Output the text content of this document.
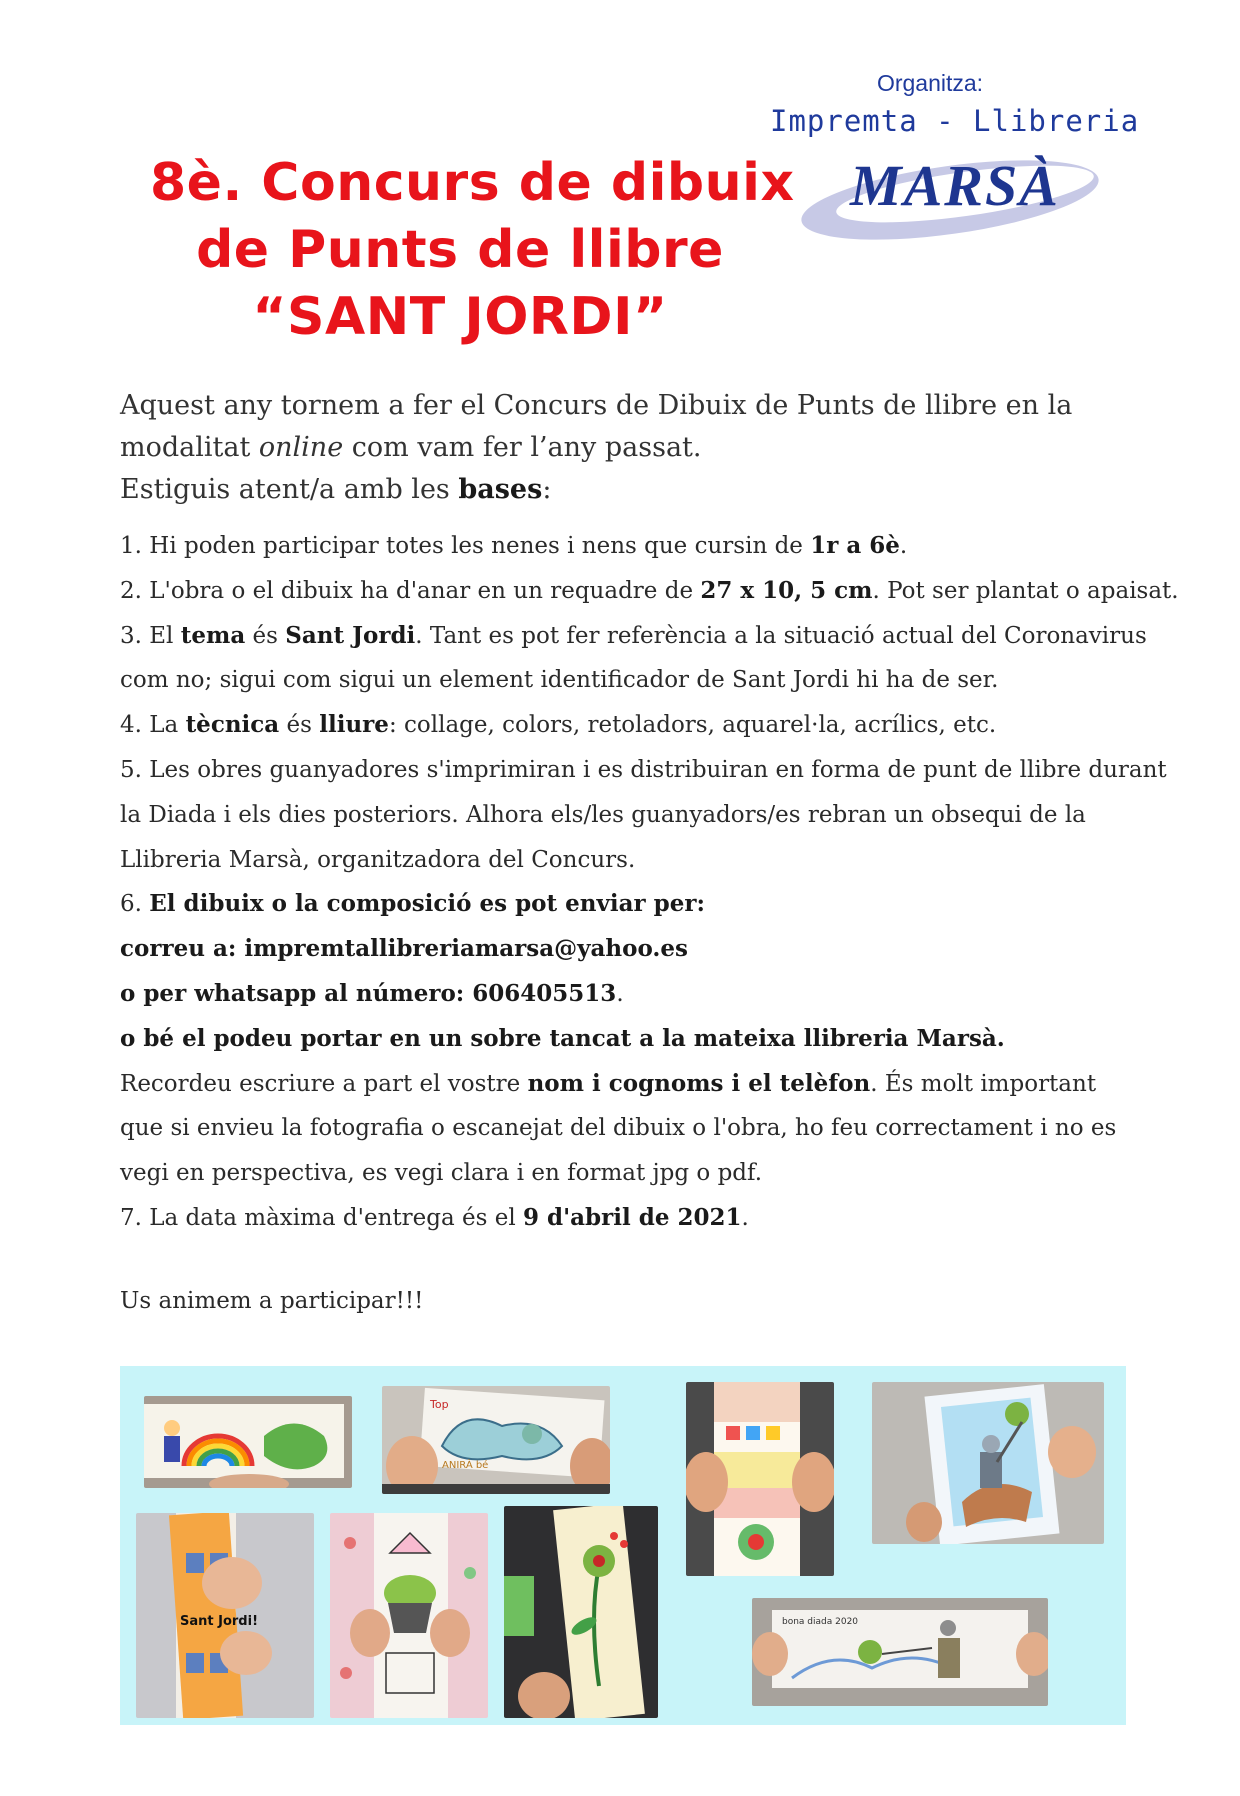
8è. Concurs de dibuix
de Punts de llibre
“SANT JORDI”
Organitza:
Impremta - Llibreria
MARSÀ

Aquest any tornem a fer el Concurs de Dibuix de Punts de llibre en la

modalitat online com vam fer l’any passat.

Estiguis atent/a amb les bases:

1. Hi poden participar totes les nenes i nens que cursin de 1r a 6è.

2. L'obra o el dibuix ha d'anar en un requadre de 27 x 10, 5 cm. Pot ser plantat o apaisat.

3. El tema és Sant Jordi. Tant es pot fer referència a la situació actual del Coronavirus

com no; sigui com sigui un element identificador de Sant Jordi hi ha de ser.

4. La tècnica és lliure: collage, colors, retoladors, aquarel·la, acrílics, etc.

5. Les obres guanyadores s'imprimiran i es distribuiran en forma de punt de llibre durant

la Diada i els dies posteriors. Alhora els/les guanyadors/es rebran un obsequi de la

Llibreria Marsà, organitzadora del Concurs.

6. El dibuix o la composició es pot enviar per:

correu a: impremtallibreriamarsa@yahoo.es

o per whatsapp al número: 606405513.

o bé el podeu portar en un sobre tancat a la mateixa llibreria Marsà.

Recordeu escriure a part el vostre nom i cognoms i el telèfon. És molt important

que si envieu la fotografia o escanejat del dibuix o l'obra, ho feu correctament i no es

vegi en perspectiva, es vegi clara i en format jpg o pdf.

7. La data màxima d'entrega és el 9 d'abril de 2021.

Us animem a participar!!!
Top
ANIRÀ bé
Sant Jordi!	bona diada 2020
